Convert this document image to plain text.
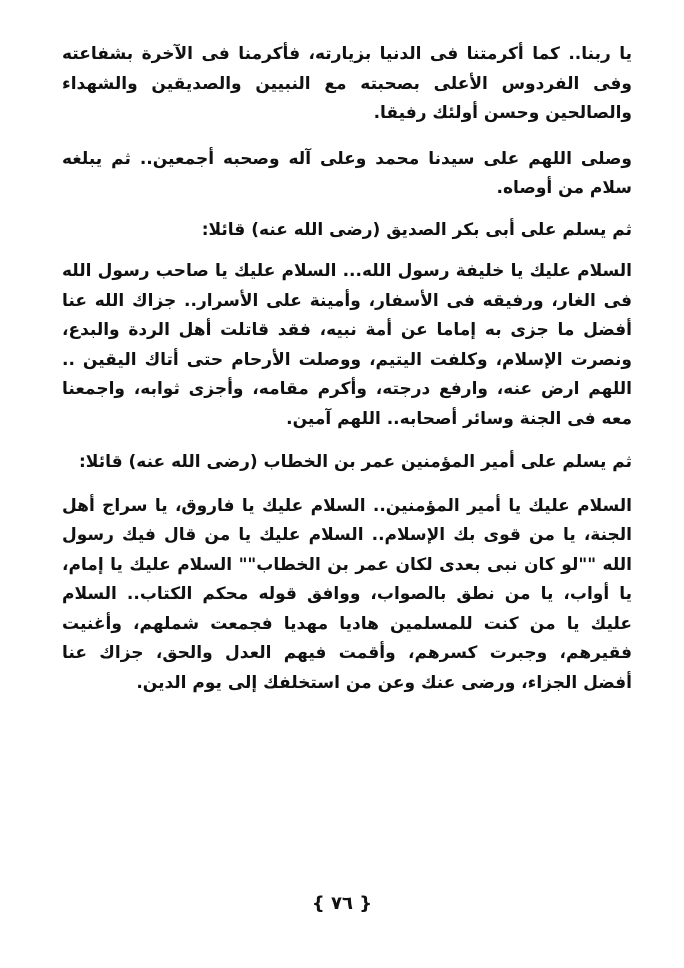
يا ربنا.. كما أكرمتنا فى الدنيا بزيارته، فأكرمنا فى الآخرة بشفاعته وفى الفردوس الأعلى بصحبته مع النبيين والصديقين والشهداء والصالحين وحسن أولئك رفيقا.

وصلى اللهم على سيدنا محمد وعلى آله وصحبه أجمعين.. ثم يبلغه سلام من أوصاه.

ثم يسلم على أبى بكر الصديق (رضى الله عنه) قائلا:

السلام عليك يا خليفة رسول الله... السلام عليك يا صاحب رسول الله فى الغار، ورفيقه فى الأسفار، وأمينة على الأسرار.. جزاك الله عنا أفضل ما جزى به إماما عن أمة نبيه، فقد قاتلت أهل الردة والبدع، ونصرت الإسلام، وكلفت اليتيم، ووصلت الأرحام حتى أتاك اليقين .. اللهم ارض عنه، وارفع درجته، وأكرم مقامه، وأجزى ثوابه، واجمعنا معه فى الجنة وسائر أصحابه.. اللهم آمين.

ثم يسلم على أمير المؤمنين عمر بن الخطاب (رضى الله عنه) قائلا:

السلام عليك يا أمير المؤمنين.. السلام عليك يا فاروق، يا سراج أهل الجنة، يا من قوى بك الإسلام.. السلام عليك يا من قال فيك رسول الله ""لو كان نبى بعدى لكان عمر بن الخطاب"" السلام عليك يا إمام، يا أواب، يا من نطق بالصواب، ووافق قوله محكم الكتاب.. السلام عليك يا من كنت للمسلمين هاديا مهديا فجمعت شملهم، وأغنيت فقيرهم، وجبرت كسرهم، وأقمت فيهم العدل والحق، جزاك عنا أفضل الجزاء، ورضى عنك وعن من استخلفك إلى يوم الدين.

{ ٧٦ }
